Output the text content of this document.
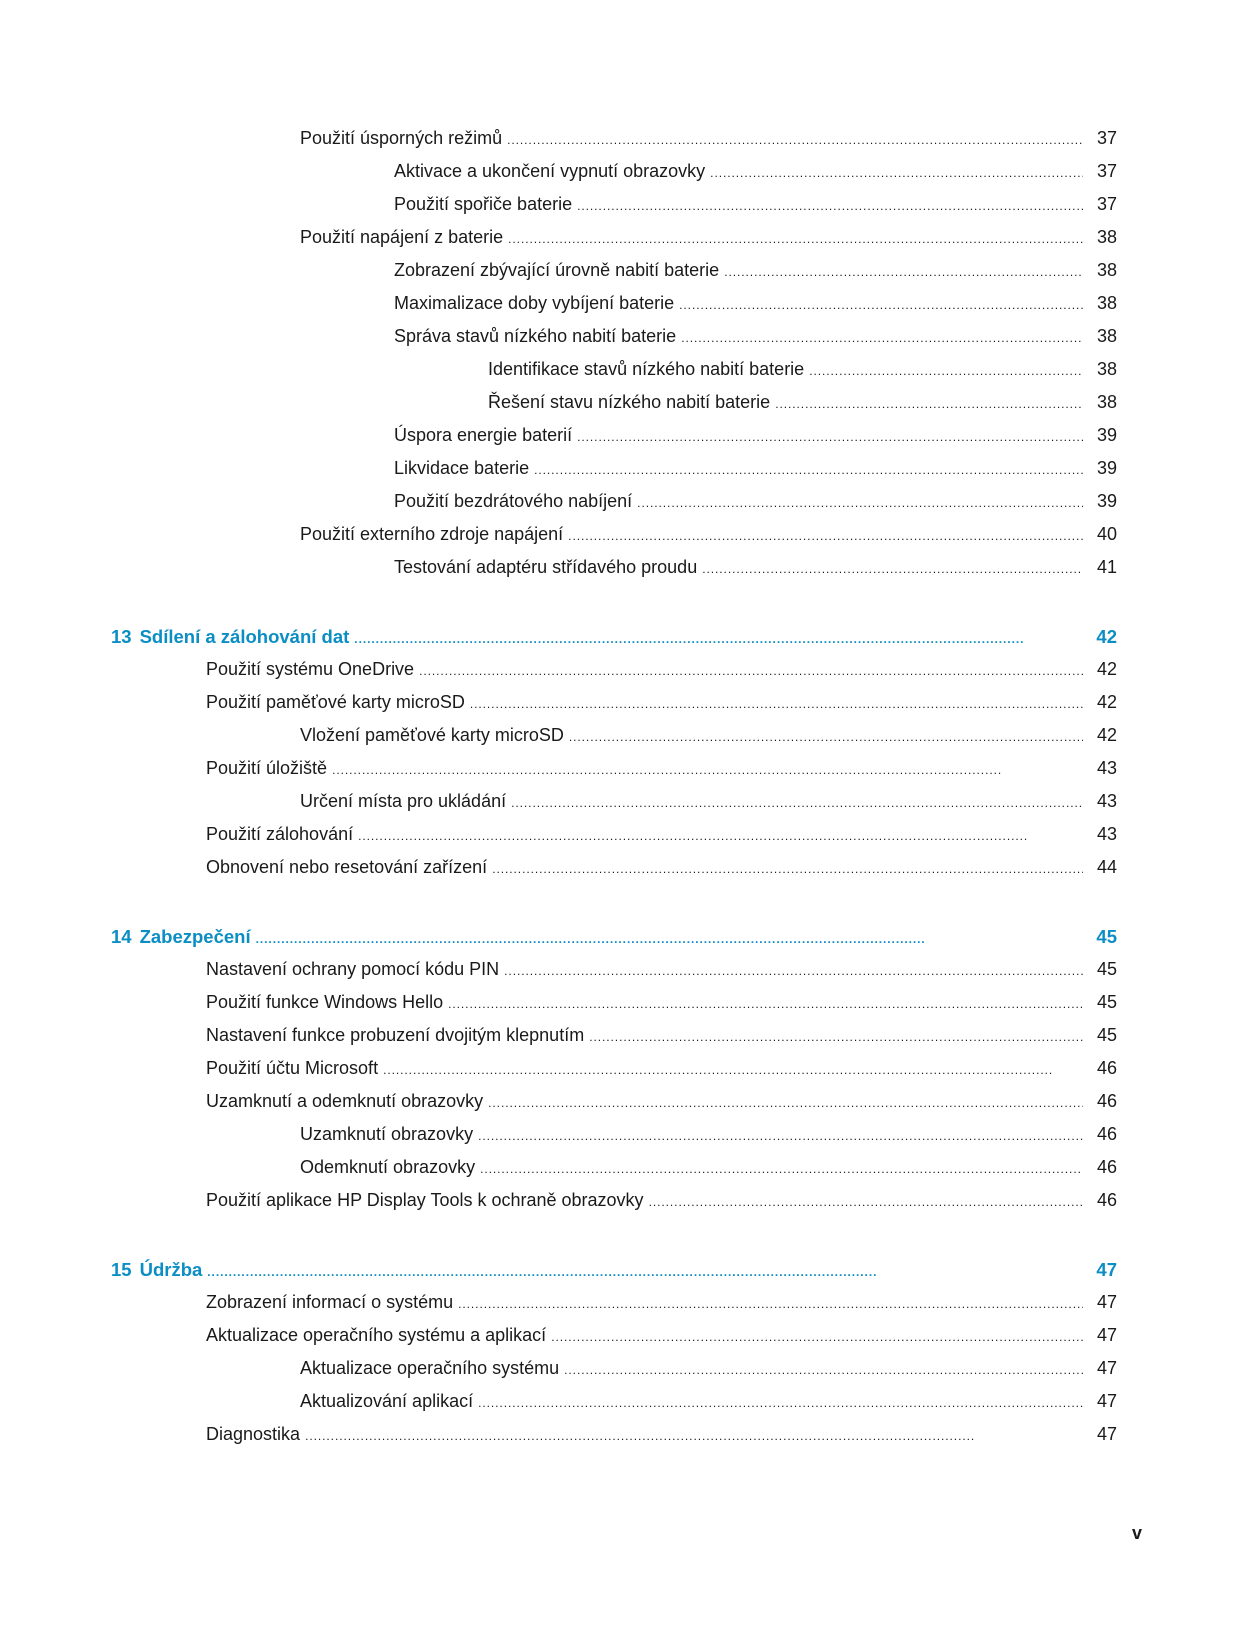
Použití úsporných režimů . . .	37
Aktivace a ukončení vypnutí obrazovky . . .	37
Použití spořiče baterie . . .	37
Použití napájení z baterie . . .	38
Zobrazení zbývající úrovně nabití baterie . . .	38
Maximalizace doby vybíjení baterie . . .	38
Správa stavů nízkého nabití baterie . . .	38
Identifikace stavů nízkého nabití baterie . . .	38
Řešení stavu nízkého nabití baterie . . .	38
Úspora energie baterií . . .	39
Likvidace baterie . . .	39
Použití bezdrátového nabíjení . . .	39
Použití externího zdroje napájení . . .	40
Testování adaptéru střídavého proudu . . .	41
13 Sdílení a zálohování dat . . .	42
Použití systému OneDrive . . .	42
Použití paměťové karty microSD . . .	42
Vložení paměťové karty microSD . . .	42
Použití úložiště . . .	43
Určení místa pro ukládání . . .	43
Použití zálohování . . .	43
Obnovení nebo resetování zařízení . . .	44
14 Zabezpečení . . .	45
Nastavení ochrany pomocí kódu PIN . . .	45
Použití funkce Windows Hello . . .	45
Nastavení funkce probuzení dvojitým klepnutím . . .	45
Použití účtu Microsoft . . .	46
Uzamknutí a odemknutí obrazovky . . .	46
Uzamknutí obrazovky . . .	46
Odemknutí obrazovky . . .	46
Použití aplikace HP Display Tools k ochraně obrazovky . . .	46
15 Údržba . . .	47
Zobrazení informací o systému . . .	47
Aktualizace operačního systému a aplikací . . .	47
Aktualizace operačního systému . . .	47
Aktualizování aplikací . . .	47
Diagnostika . . .	47
v
